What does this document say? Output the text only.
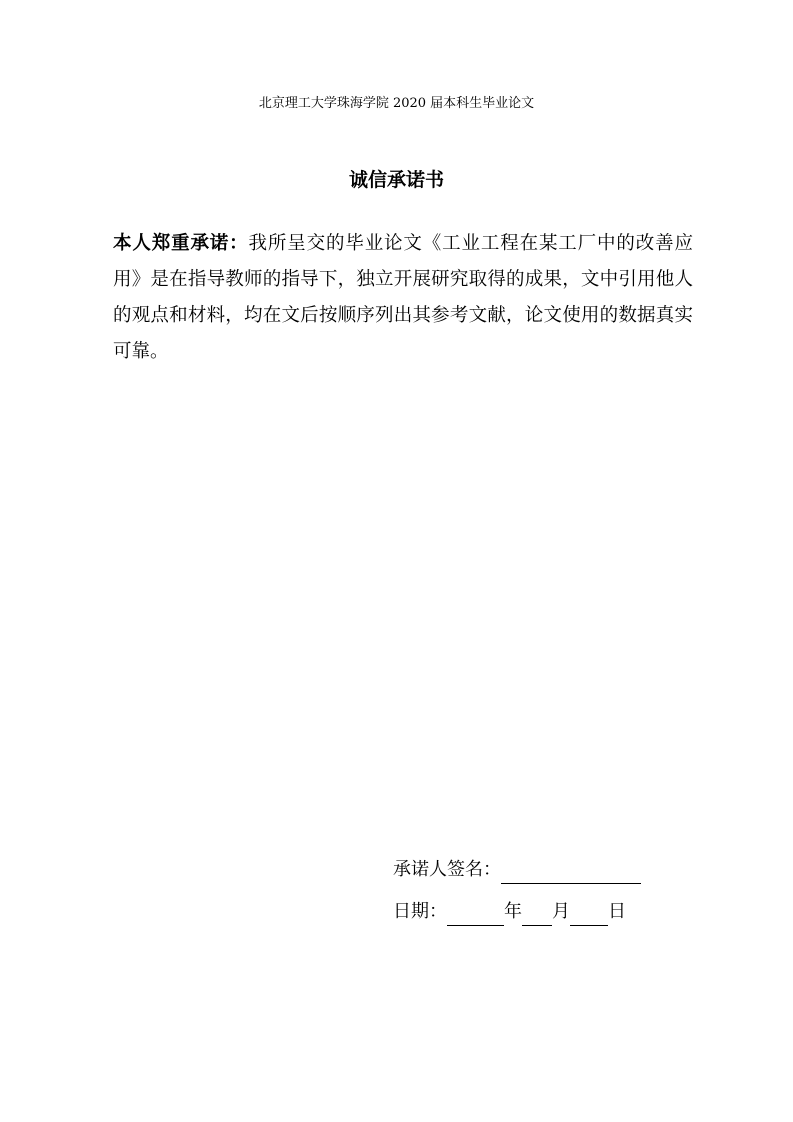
北京理工大学珠海学院 2020 届本科生毕业论文
诚信承诺书
本人郑重承诺：我所呈交的毕业论文《工业工程在某工厂中的改善应用》是在指导教师的指导下，独立开展研究取得的成果，文中引用他人的观点和材料，均在文后按顺序列出其参考文献，论文使用的数据真实可靠。
承诺人签名：
日期：	年 月 日
